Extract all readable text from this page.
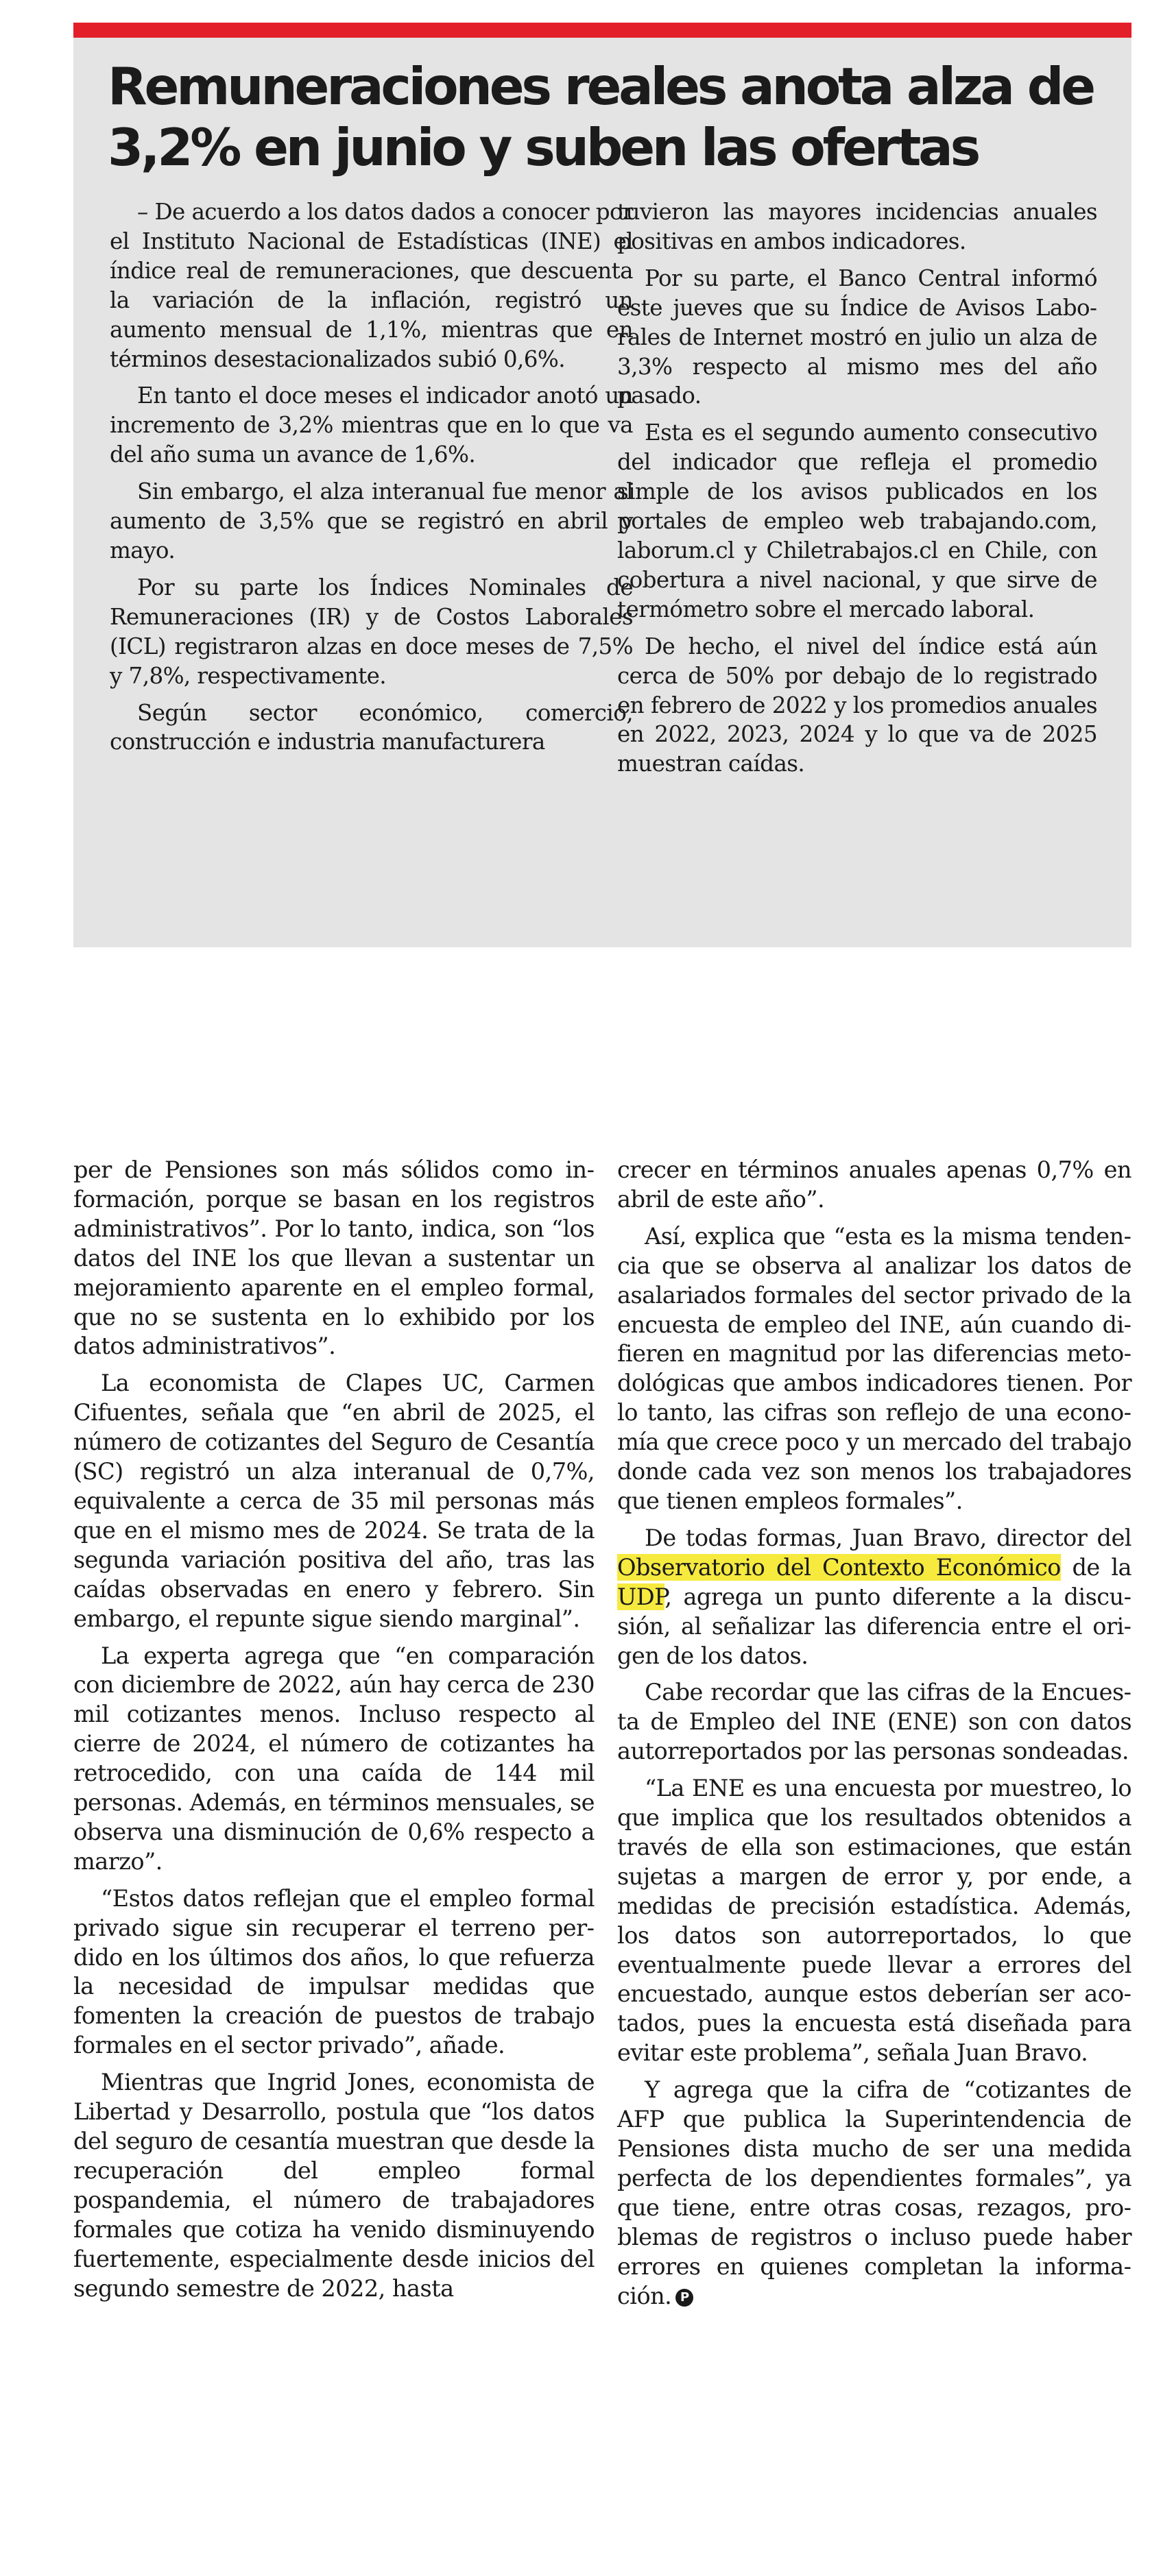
Remuneraciones reales anota alza de
3,2% en junio y suben las ofertas

– De acuerdo a los datos dados a conocer por el Instituto Nacional de Estadísticas (INE) el índice real de remuneraciones, que descuenta la variación de la inflación, registró un aumento mensual de 1,1%, mientras que en términos desestacionalizados subió 0,6%.

En tanto el doce meses el indicador anotó un incremento de 3,2% mientras que en lo que va del año suma un avance de 1,6%.

Sin embargo, el alza interanual fue menor al aumento de 3,5% que se registró en abril y mayo.

Por su parte los Índices Nominales de Remuneraciones (IR) y de Costos Laborales (ICL) registraron alzas en doce meses de 7,5% y 7,8%, respectivamente.

Según sector económico, comercio, construcción e industria manufacturera

tuvieron las mayores incidencias anuales positivas en ambos indicadores.

Por su parte, el Banco Central informó este jueves que su Índice de Avisos Laborales de Internet mostró en julio un alza de 3,3% respecto al mismo mes del año pasado.

Esta es el segundo aumento consecutivo del indicador que refleja el promedio simple de los avisos publicados en los portales de empleo web trabajando.com, laborum.cl y Chiletrabajos.cl en Chile, con cobertura a nivel nacional, y que sirve de termómetro sobre el mercado laboral.

De hecho, el nivel del índice está aún cerca de 50% por debajo de lo registrado en febrero de 2022 y los promedios anuales en 2022, 2023, 2024 y lo que va de 2025 muestran caídas.

per de Pensiones son más sólidos como información, porque se basan en los registros administrativos”. Por lo tanto, indica, son “los datos del INE los que llevan a sustentar un mejoramiento aparente en el empleo formal, que no se sustenta en lo exhibido por los datos administrativos”.

La economista de Clapes UC, Carmen Cifuentes, señala que “en abril de 2025, el número de cotizantes del Seguro de Cesantía (SC) registró un alza interanual de 0,7%, equivalente a cerca de 35 mil personas más que en el mismo mes de 2024. Se trata de la segunda variación positiva del año, tras las caídas observadas en enero y febrero. Sin embargo, el repunte sigue siendo marginal”.

La experta agrega que “en comparación con diciembre de 2022, aún hay cerca de 230 mil cotizantes menos. Incluso respecto al cierre de 2024, el número de cotizantes ha retrocedido, con una caída de 144 mil personas. Además, en términos mensuales, se observa una disminución de 0,6% respecto a marzo”.

“Estos datos reflejan que el empleo formal privado sigue sin recuperar el terreno perdido en los últimos dos años, lo que refuerza la necesidad de impulsar medidas que fomenten la creación de puestos de trabajo formales en el sector privado”, añade.

Mientras que Ingrid Jones, economista de Libertad y Desarrollo, postula que “los datos del seguro de cesantía muestran que desde la recuperación del empleo formal pospandemia, el número de trabajadores formales que cotiza ha venido disminuyendo fuertemente, especialmente desde inicios del segundo semestre de 2022, hasta

crecer en términos anuales apenas 0,7% en abril de este año”.

Así, explica que “esta es la misma tendencia que se observa al analizar los datos de asalariados formales del sector privado de la encuesta de empleo del INE, aún cuando difieren en magnitud por las diferencias metodológicas que ambos indicadores tienen. Por lo tanto, las cifras son reflejo de una economía que crece poco y un mercado del trabajo donde cada vez son menos los trabajadores que tienen empleos formales”.

De todas formas, Juan Bravo, director del Observatorio del Contexto Económico de la UDP, agrega un punto diferente a la discusión, al señalizar las diferencia entre el origen de los datos.

Cabe recordar que las cifras de la Encuesta de Empleo del INE (ENE) son con datos autorreportados por las personas sondeadas.

“La ENE es una encuesta por muestreo, lo que implica que los resultados obtenidos a través de ella son estimaciones, que están sujetas a margen de error y, por ende, a medidas de precisión estadística. Además, los datos son autorreportados, lo que eventualmente puede llevar a errores del encuestado, aunque estos deberían ser acotados, pues la encuesta está diseñada para evitar este problema”, señala Juan Bravo.

Y agrega que la cifra de “cotizantes de AFP que publica la Superintendencia de Pensiones dista mucho de ser una medida perfecta de los dependientes formales”, ya que tiene, entre otras cosas, rezagos, problemas de registros o incluso puede haber errores en quienes completan la información. P
